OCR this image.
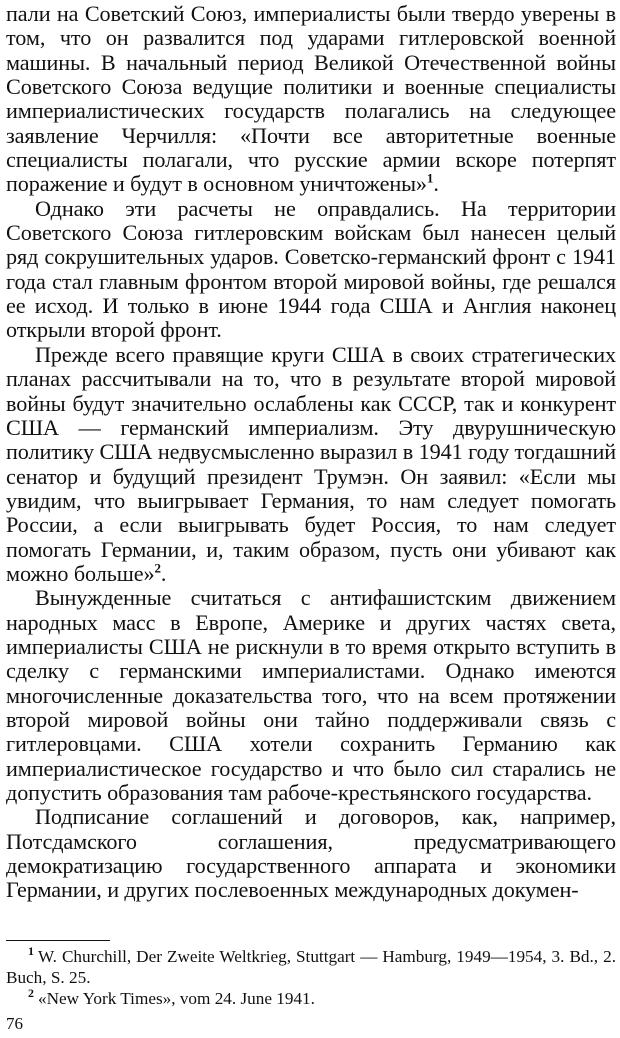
пали на Советский Союз, империалисты были твердо уверены в том, что он развалится под ударами гитлеровской военной машины. В начальный период Великой Отечественной войны Советского Союза ведущие политики и военные специалисты империалистических государств полагались на следующее заявление Черчилля: «Почти все авторитетные военные специалисты полагали, что русские армии вскоре потерпят поражение и будут в основном уничтожены»$^1$.

Однако эти расчеты не оправдались. На территории Советского Союза гитлеровским войскам был нанесен целый ряд сокрушительных ударов. Советско-германский фронт с 1941 года стал главным фронтом второй мировой войны, где решался ее исход. И только в июне 1944 года США и Англия наконец открыли второй фронт.

Прежде всего правящие круги США в своих стратегических планах рассчитывали на то, что в результате второй мировой войны будут значительно ослаблены как СССР, так и конкурент США — германский империализм. Эту двурушническую политику США недвусмысленно выразил в 1941 году тогдашний сенатор и будущий президент Трумэн. Он заявил: «Если мы увидим, что выигрывает Германия, то нам следует помогать России, а если выигрывать будет Россия, то нам следует помогать Германии, и, таким образом, пусть они убивают как можно больше»$^2$.

Вынужденные считаться с антифашистским движением народных масс в Европе, Америке и других частях света, империалисты США не рискнули в то время открыто вступить в сделку с германскими империалистами. Однако имеются многочисленные доказательства того, что на всем протяжении второй мировой войны они тайно поддерживали связь с гитлеровцами. США хотели сохранить Германию как империалистическое государство и что было сил старались не допустить образования там рабоче-крестьянского государства.

Подписание соглашений и договоров, как, например, Потсдамского соглашения, предусматривающего демократизацию государственного аппарата и экономики Германии, и других послевоенных международных докумен-

$^1$ W. Churchill, Der Zweite Weltkrieg, Stuttgart — Hamburg, 1949—1954, 3. Bd., 2. Buch, S. 25.

$^2$ «New York Times», vom 24. June 1941.

76
